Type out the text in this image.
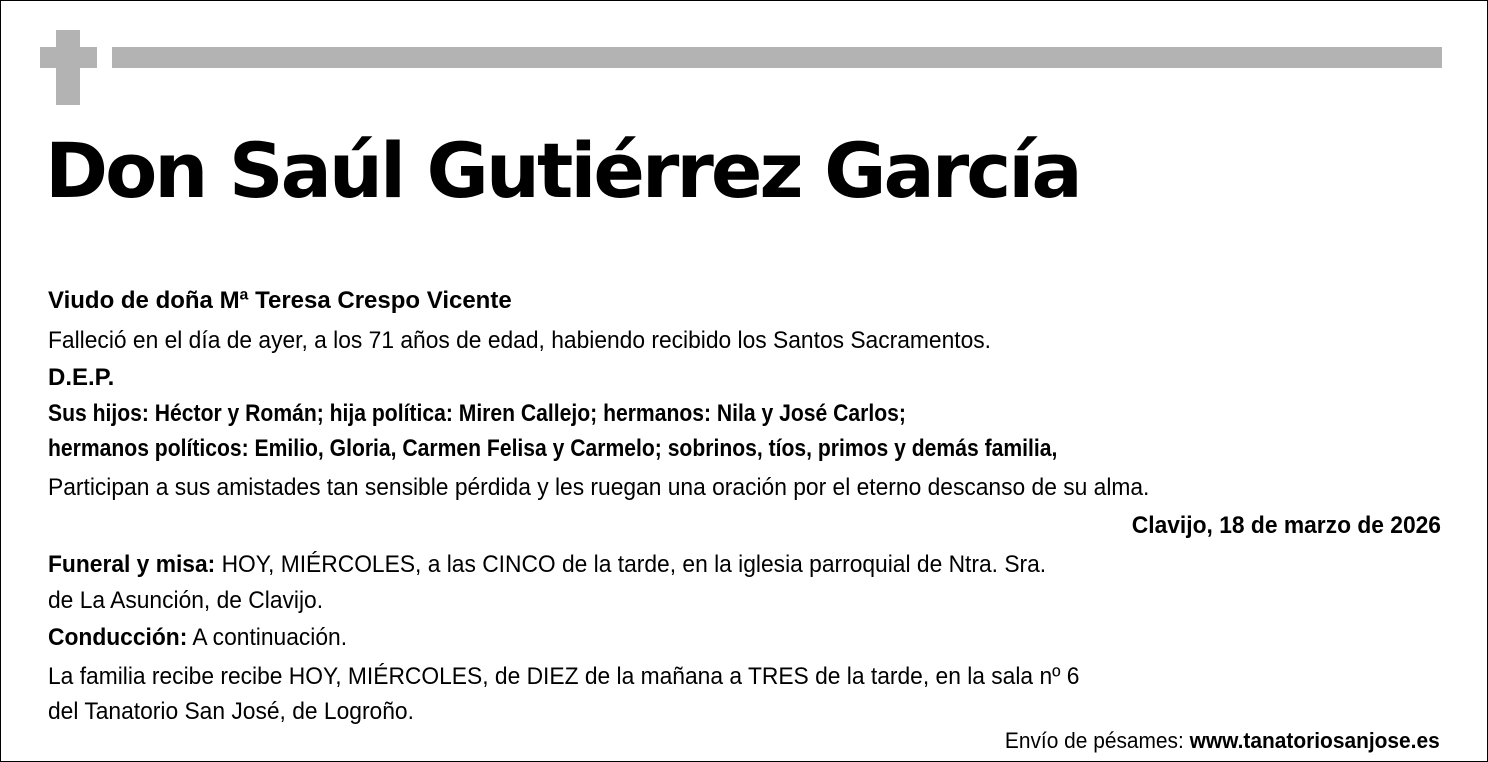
Don Saúl Gutiérrez García
Viudo de doña Mª Teresa Crespo Vicente
Falleció en el día de ayer, a los 71 años de edad, habiendo recibido los Santos Sacramentos.
D.E.P.
Sus hijos: Héctor y Román; hija política: Miren Callejo; hermanos: Nila y José Carlos;
hermanos políticos: Emilio, Gloria, Carmen Felisa y Carmelo; sobrinos, tíos, primos y demás familia,
Participan a sus amistades tan sensible pérdida y les ruegan una oración por el eterno descanso de su alma.
Clavijo, 18 de marzo de 2026
Funeral y misa: HOY, MIÉRCOLES, a las CINCO de la tarde, en la iglesia parroquial de Ntra. Sra.
de La Asunción, de Clavijo.
Conducción: A continuación.
La familia recibe recibe HOY, MIÉRCOLES, de DIEZ de la mañana a TRES de la tarde, en la sala nº 6
del Tanatorio San José, de Logroño.
Envío de pésames: www.tanatoriosanjose.es
